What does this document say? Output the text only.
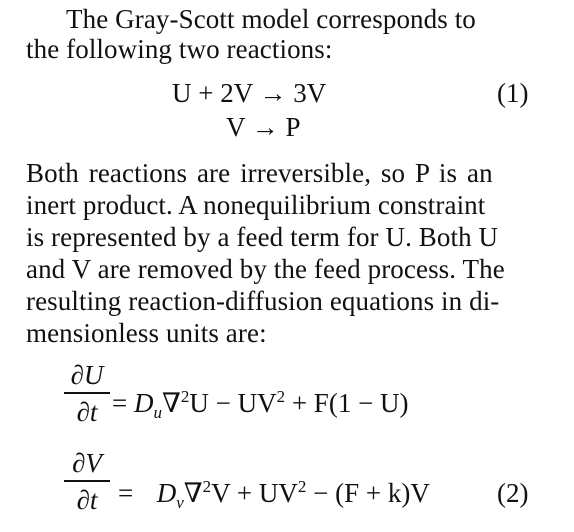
The Gray-Scott model corresponds to
the following two reactions:
U + 2V → 3V	(1)
V → P
Both reactions are irreversible, so P is an
inert product. A nonequilibrium constraint
is represented by a feed term for U. Both U
and V are removed by the feed process. The
resulting reaction-diffusion equations in di-
mensionless units are:
∂U
$\partial t = D_u\nabla^2U - UV^2 + F(1 - U)$
∂V
$\partial t = D_v\nabla^2V + UV^2 - (F + k)V$ (2)
